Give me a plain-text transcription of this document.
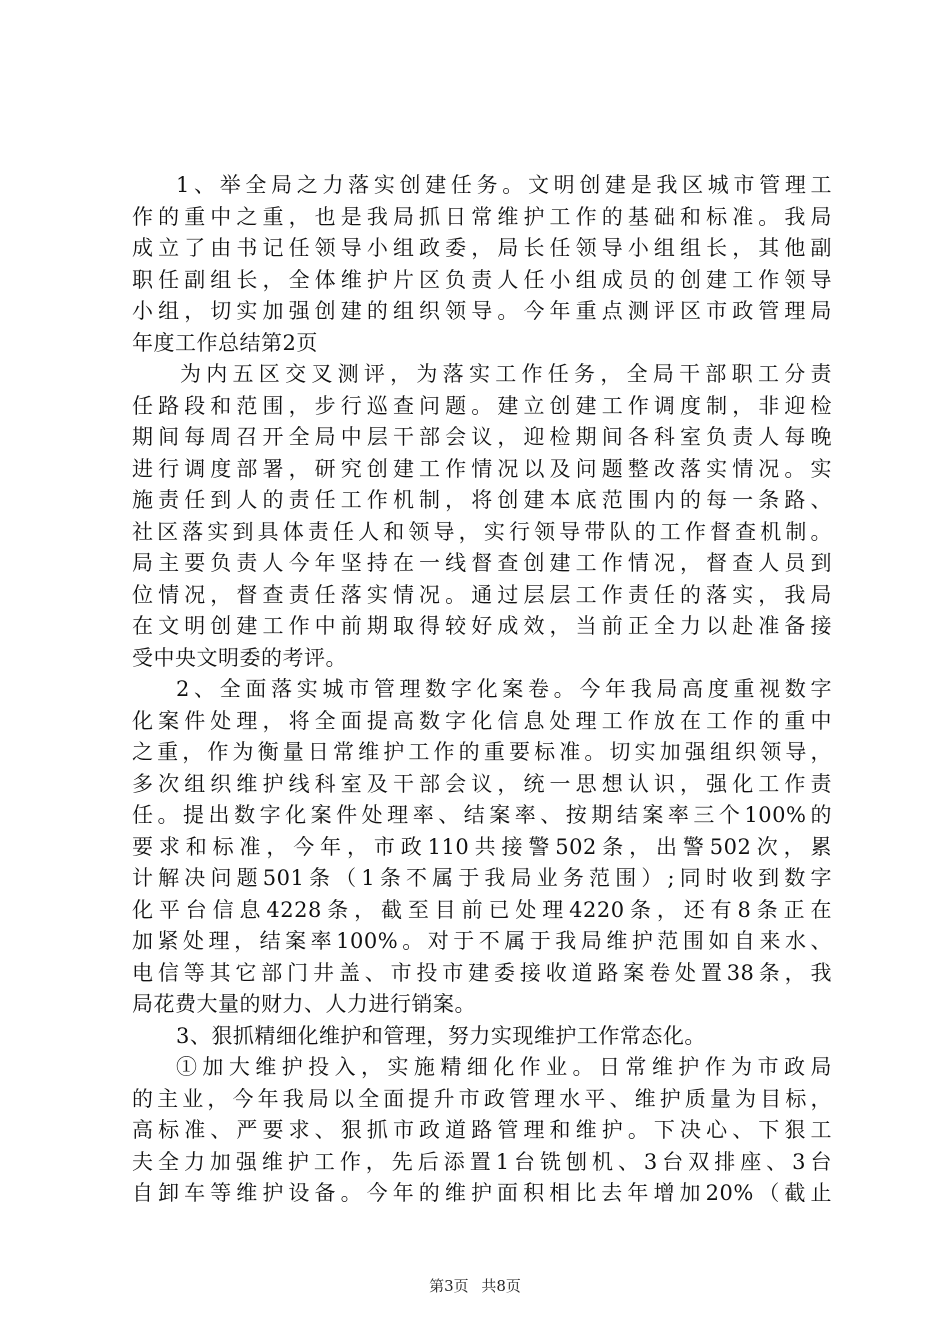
1、举全局之力落实创建任务。文明创建是我区城市管理工
作的重中之重，也是我局抓日常维护工作的基础和标准。我局
成立了由书记任领导小组政委，局长任领导小组组长，其他副
职任副组长，全体维护片区负责人任小组成员的创建工作领导
小组，切实加强创建的组织领导。今年重点测评区市政管理局
年度工作总结第2页
为内五区交叉测评，为落实工作任务，全局干部职工分责
任路段和范围，步行巡查问题。建立创建工作调度制，非迎检
期间每周召开全局中层干部会议，迎检期间各科室负责人每晚
进行调度部署，研究创建工作情况以及问题整改落实情况。实
施责任到人的责任工作机制，将创建本底范围内的每一条路、
社区落实到具体责任人和领导，实行领导带队的工作督查机制。
局主要负责人今年坚持在一线督查创建工作情况，督查人员到
位情况，督查责任落实情况。通过层层工作责任的落实，我局
在文明创建工作中前期取得较好成效，当前正全力以赴准备接
受中央文明委的考评。
2、全面落实城市管理数字化案卷。今年我局高度重视数字
化案件处理，将全面提高数字化信息处理工作放在工作的重中
之重，作为衡量日常维护工作的重要标准。切实加强组织领导，
多次组织维护线科室及干部会议，统一思想认识，强化工作责
任。提出数字化案件处理率、结案率、按期结案率三个100%的
要求和标准，今年，市政110共接警502条，出警502次，累
计解决问题501条（1条不属于我局业务范围）;同时收到数字
化平台信息4228条，截至目前已处理4220条，还有8条正在
加紧处理，结案率100%。对于不属于我局维护范围如自来水、
电信等其它部门井盖、市投市建委接收道路案卷处置38条，我
局花费大量的财力、人力进行销案。
3、狠抓精细化维护和管理，努力实现维护工作常态化。
①加大维护投入，实施精细化作业。日常维护作为市政局
的主业，今年我局以全面提升市政管理水平、维护质量为目标，
高标准、严要求、狠抓市政道路管理和维护。下决心、下狠工
夫全力加强维护工作，先后添置1台铣刨机、3台双排座、3台
自卸车等维护设备。今年的维护面积相比去年增加20%（截止
第3页 共8页
